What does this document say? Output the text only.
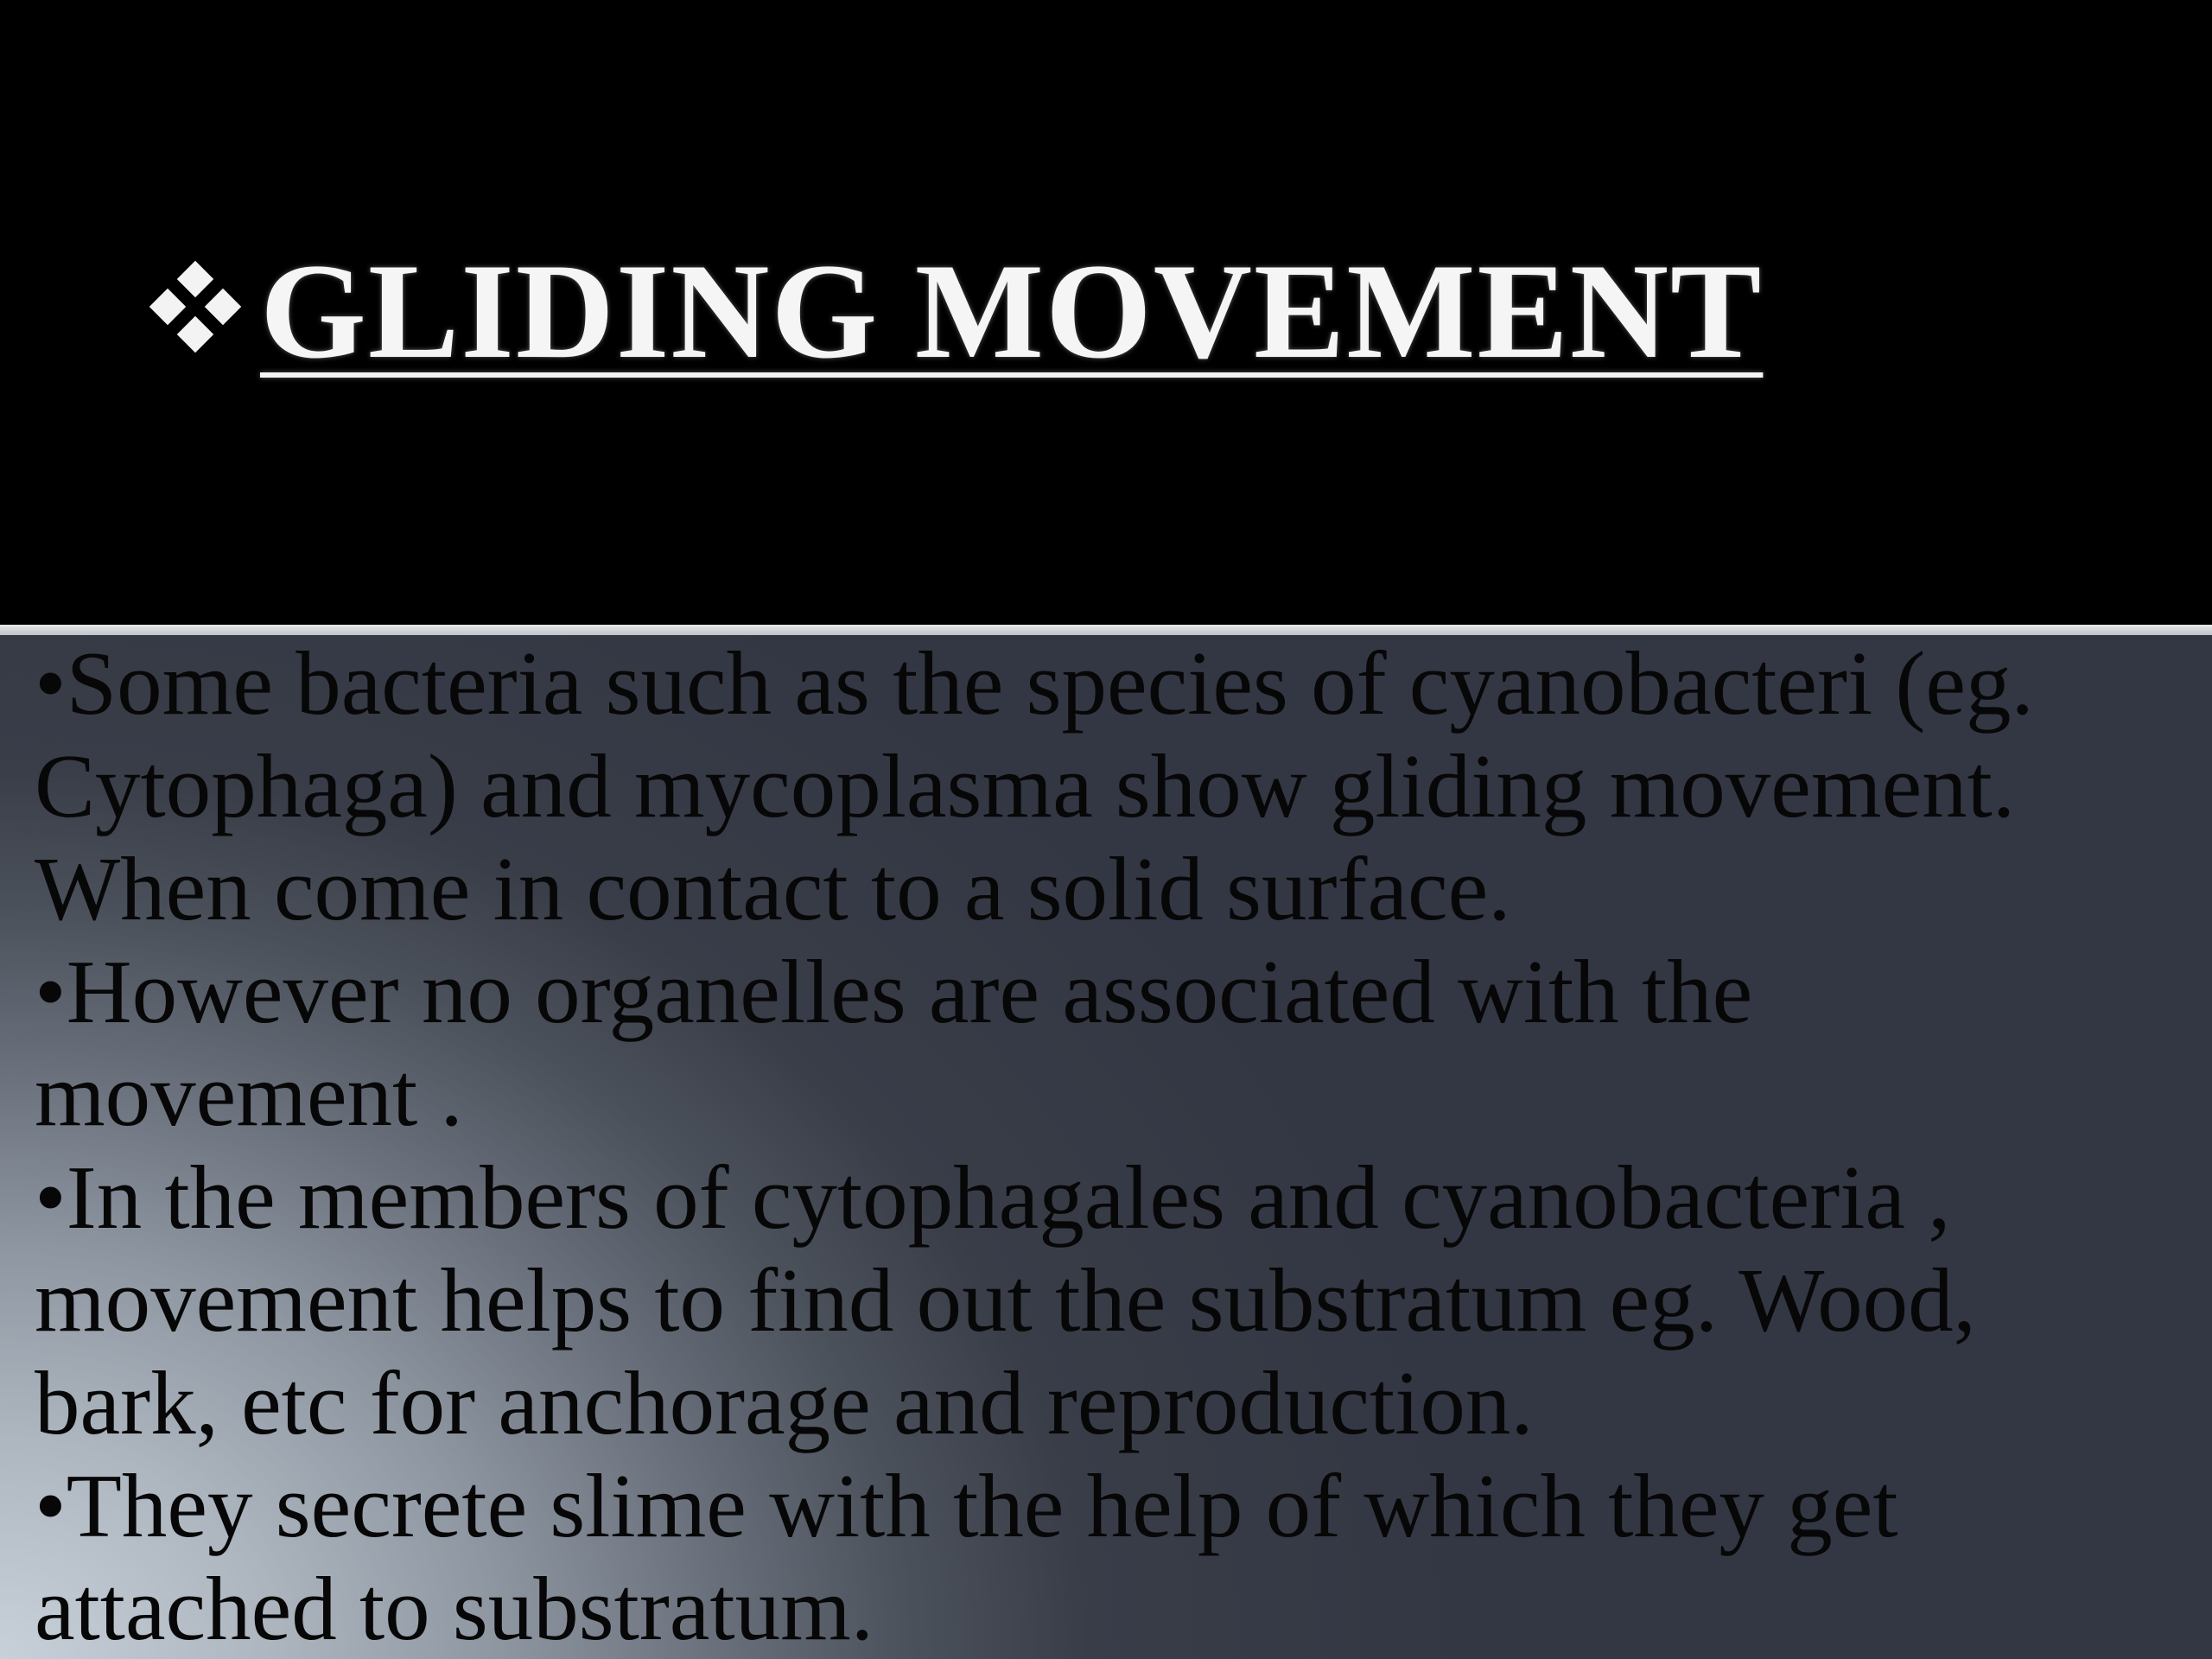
GLIDING MOVEMENT

•Some bacteria such as the species of cyanobacteri (eg. Cytophaga) and mycoplasma show gliding movement. When come in contact to a solid surface.

•However no organelles are associated with the movement .

•In the members of cytophagales and cyanobacteria , movement helps to find out the substratum eg. Wood, bark, etc for anchorage and reproduction.

•They secrete slime with the help of which they get attached to substratum.
